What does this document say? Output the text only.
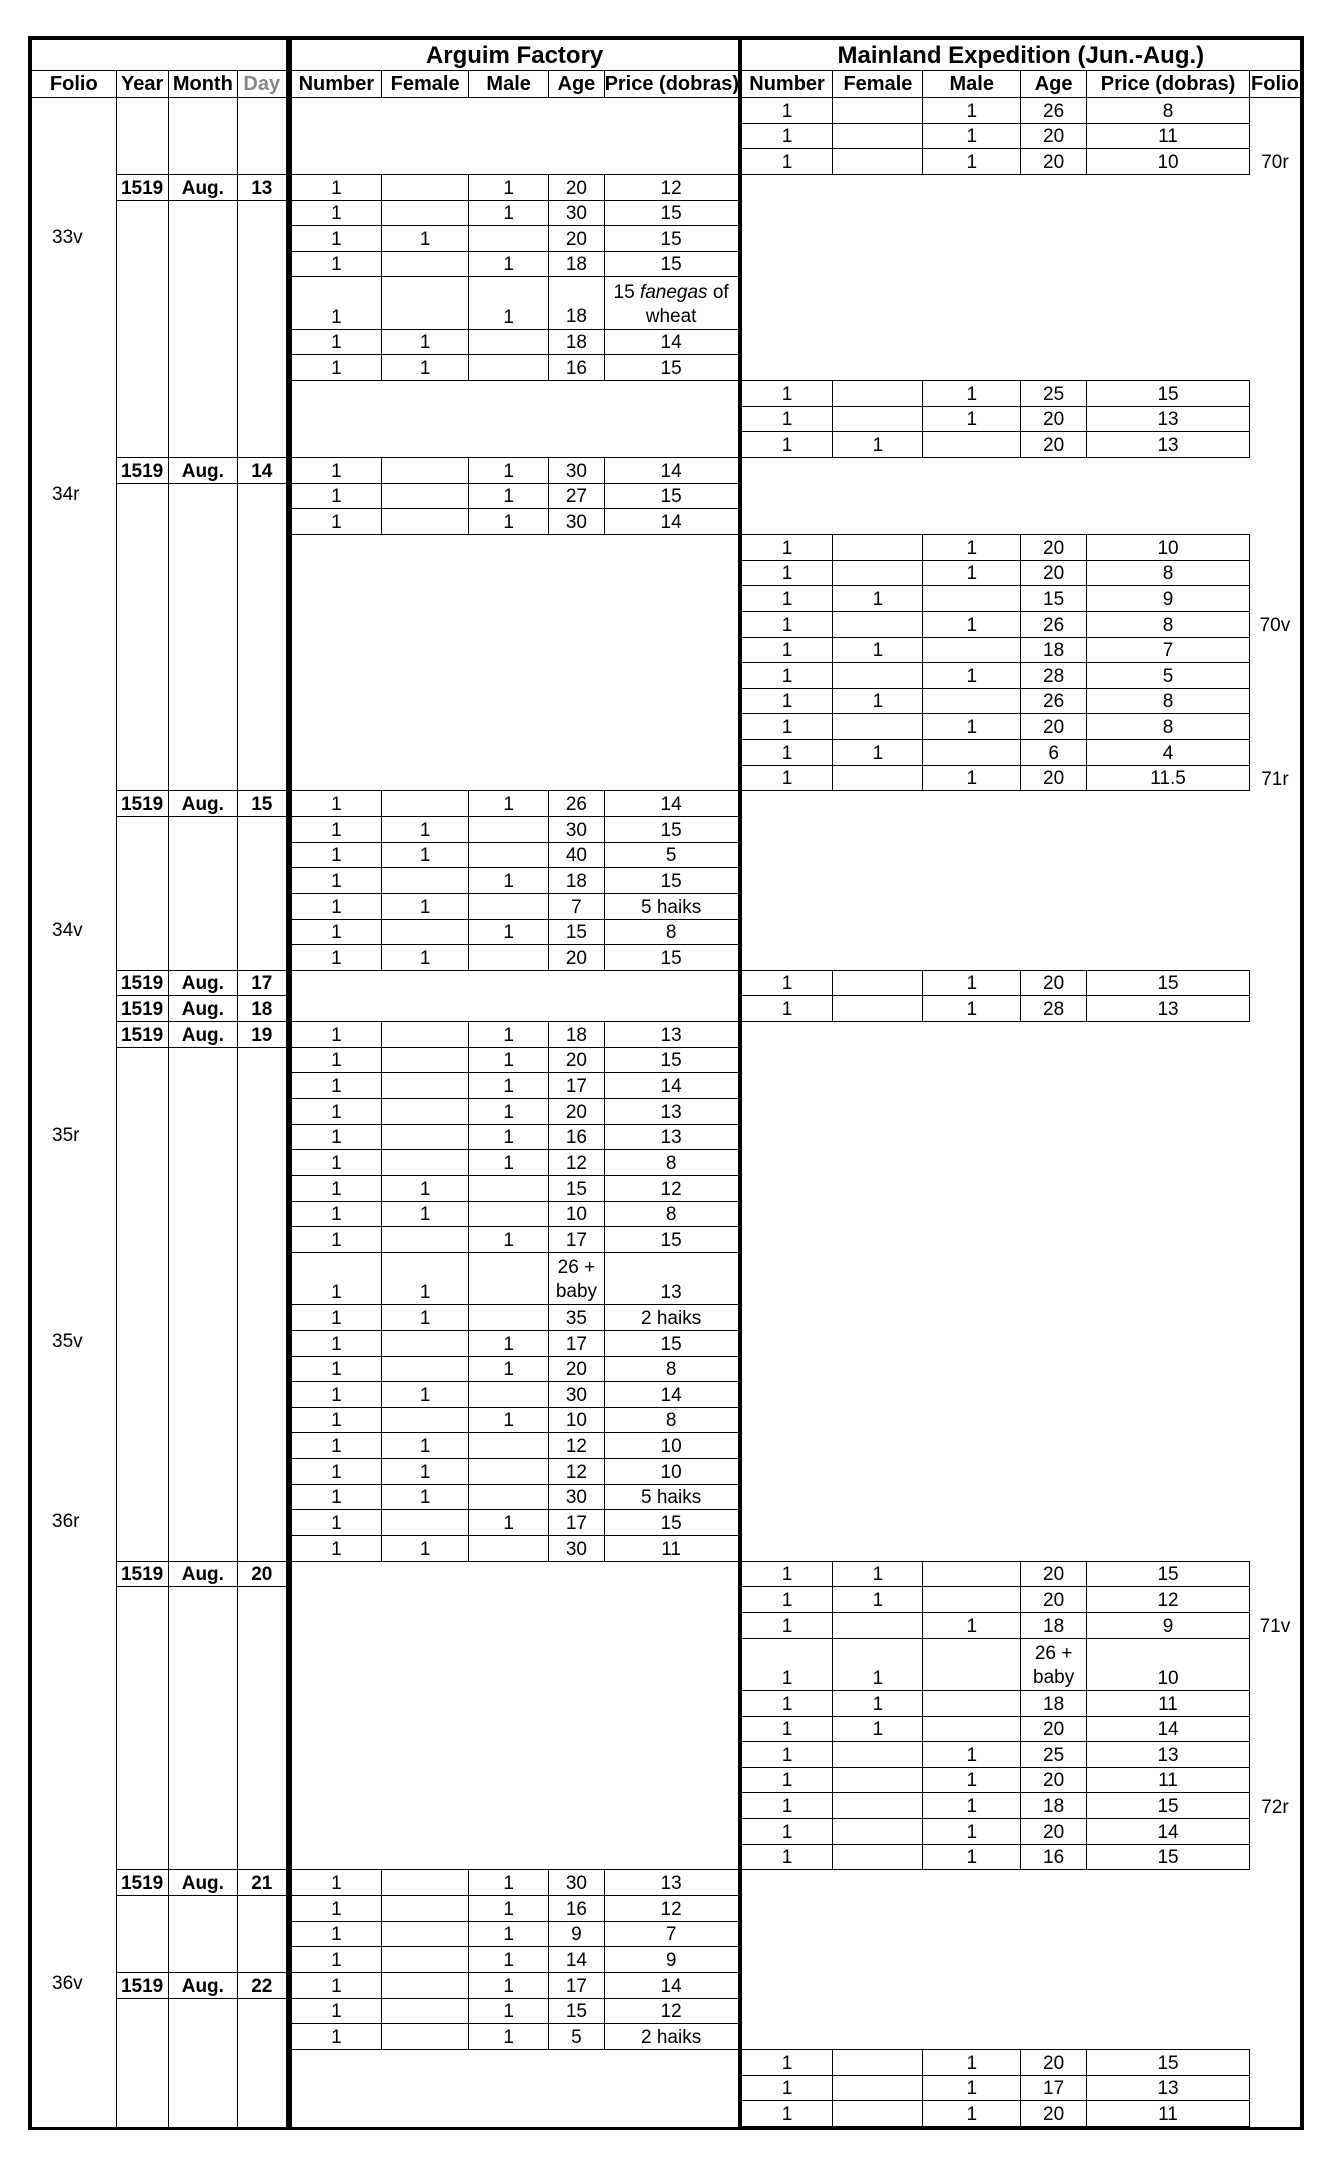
				Arguim Factory					Mainland Expedition (Jun.-Aug.)					
Folio	Year	Month	Day	Number	Female	Male	Age	Price (dobras)	Number	Female	Male	Age	Price (dobras)	Folio
									1		1	26	8	
									1		1	20	11	
									1		1	20	10	70r
	1519	Aug.	13	1		1	20	12						
				1		1	30	15						
33v				1	1		20	15						
				1		1	18	15						
				1		1	18	15 fanegas of wheat						
				1	1		18	14						
				1	1		16	15						
									1		1	25	15	
									1		1	20	13	
									1	1		20	13	
	1519	Aug.	14	1		1	30	14						
34r				1		1	27	15						
				1		1	30	14						
									1		1	20	10	
									1		1	20	8	
									1	1		15	9	
									1		1	26	8	70v
									1	1		18	7	
									1		1	28	5	
									1	1		26	8	
									1		1	20	8	
									1	1		6	4	
									1		1	20	11.5	71r
	1519	Aug.	15	1		1	26	14						
				1	1		30	15						
				1	1		40	5						
				1		1	18	15						
				1	1		7	5 haiks						
34v				1		1	15	8						
				1	1		20	15						
	1519	Aug.	17						1		1	20	15	
	1519	Aug.	18						1		1	28	13	
	1519	Aug.	19	1		1	18	13						
				1		1	20	15						
				1		1	17	14						
				1		1	20	13						
35r				1		1	16	13						
				1		1	12	8						
				1	1		15	12						
				1	1		10	8						
				1		1	17	15						
				1	1		26 + baby	13						
				1	1		35	2 haiks						
35v				1		1	17	15						
				1		1	20	8						
				1	1		30	14						
				1		1	10	8						
				1	1		12	10						
				1	1		12	10						
				1	1		30	5 haiks						
36r				1		1	17	15						
				1	1		30	11						
	1519	Aug.	20						1	1		20	15	
									1	1		20	12	
									1		1	18	9	71v
									1	1		26 + baby	10	
									1	1		18	11	
									1	1		20	14	
									1		1	25	13	
									1		1	20	11	
									1		1	18	15	72r
									1		1	20	14	
									1		1	16	15	
	1519	Aug.	21	1		1	30	13						
				1		1	16	12						
				1		1	9	7						
				1		1	14	9						
36v	1519	Aug.	22	1		1	17	14						
				1		1	15	12						
				1		1	5	2 haiks						
									1		1	20	15	
									1		1	17	13	
									1		1	20	11	
